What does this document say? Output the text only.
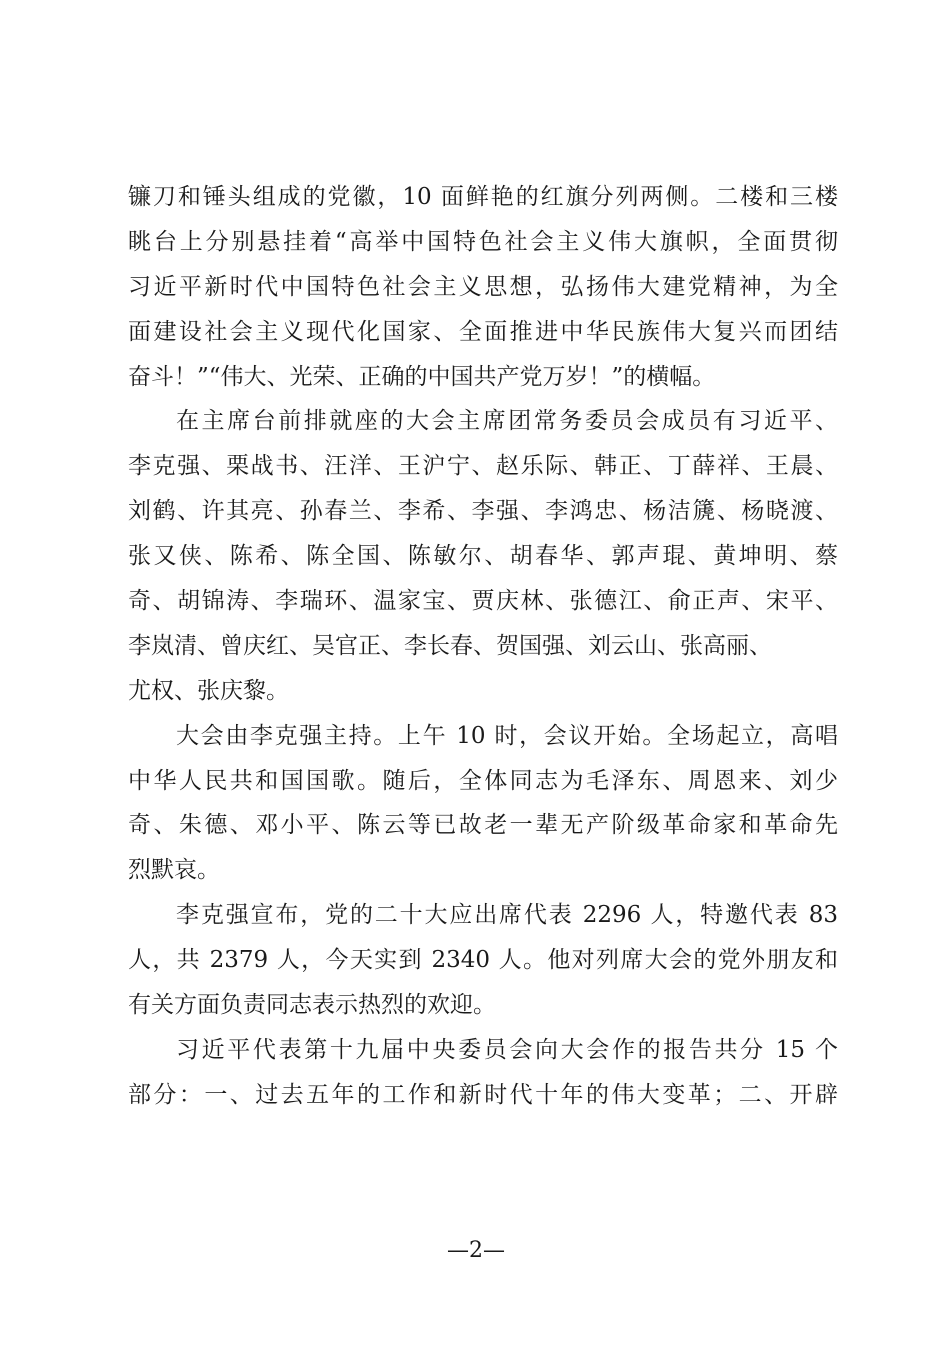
镰刀和锤头组成的党徽，10 面鲜艳的红旗分列两侧。二楼和三楼
眺台上分别悬挂着“高举中国特色社会主义伟大旗帜，全面贯彻
习近平新时代中国特色社会主义思想，弘扬伟大建党精神，为全
面建设社会主义现代化国家、全面推进中华民族伟大复兴而团结
奋斗！”“伟大、光荣、正确的中国共产党万岁！”的横幅。
在主席台前排就座的大会主席团常务委员会成员有习近平、
李克强、栗战书、汪洋、王沪宁、赵乐际、韩正、丁薛祥、王晨、
刘鹤、许其亮、孙春兰、李希、李强、李鸿忠、杨洁篪、杨晓渡、
张又侠、陈希、陈全国、陈敏尔、胡春华、郭声琨、黄坤明、蔡
奇、胡锦涛、李瑞环、温家宝、贾庆林、张德江、俞正声、宋平、
李岚清、曾庆红、吴官正、李长春、贺国强、刘云山、张高丽、
尤权、张庆黎。
大会由李克强主持。上午 10 时，会议开始。全场起立，高唱
中华人民共和国国歌。随后，全体同志为毛泽东、周恩来、刘少
奇、朱德、邓小平、陈云等已故老一辈无产阶级革命家和革命先
烈默哀。
李克强宣布，党的二十大应出席代表 2296 人，特邀代表 83
人，共 2379 人，今天实到 2340 人。他对列席大会的党外朋友和
有关方面负责同志表示热烈的欢迎。
习近平代表第十九届中央委员会向大会作的报告共分 15 个
部分：一、过去五年的工作和新时代十年的伟大变革；二、开辟
—2—
